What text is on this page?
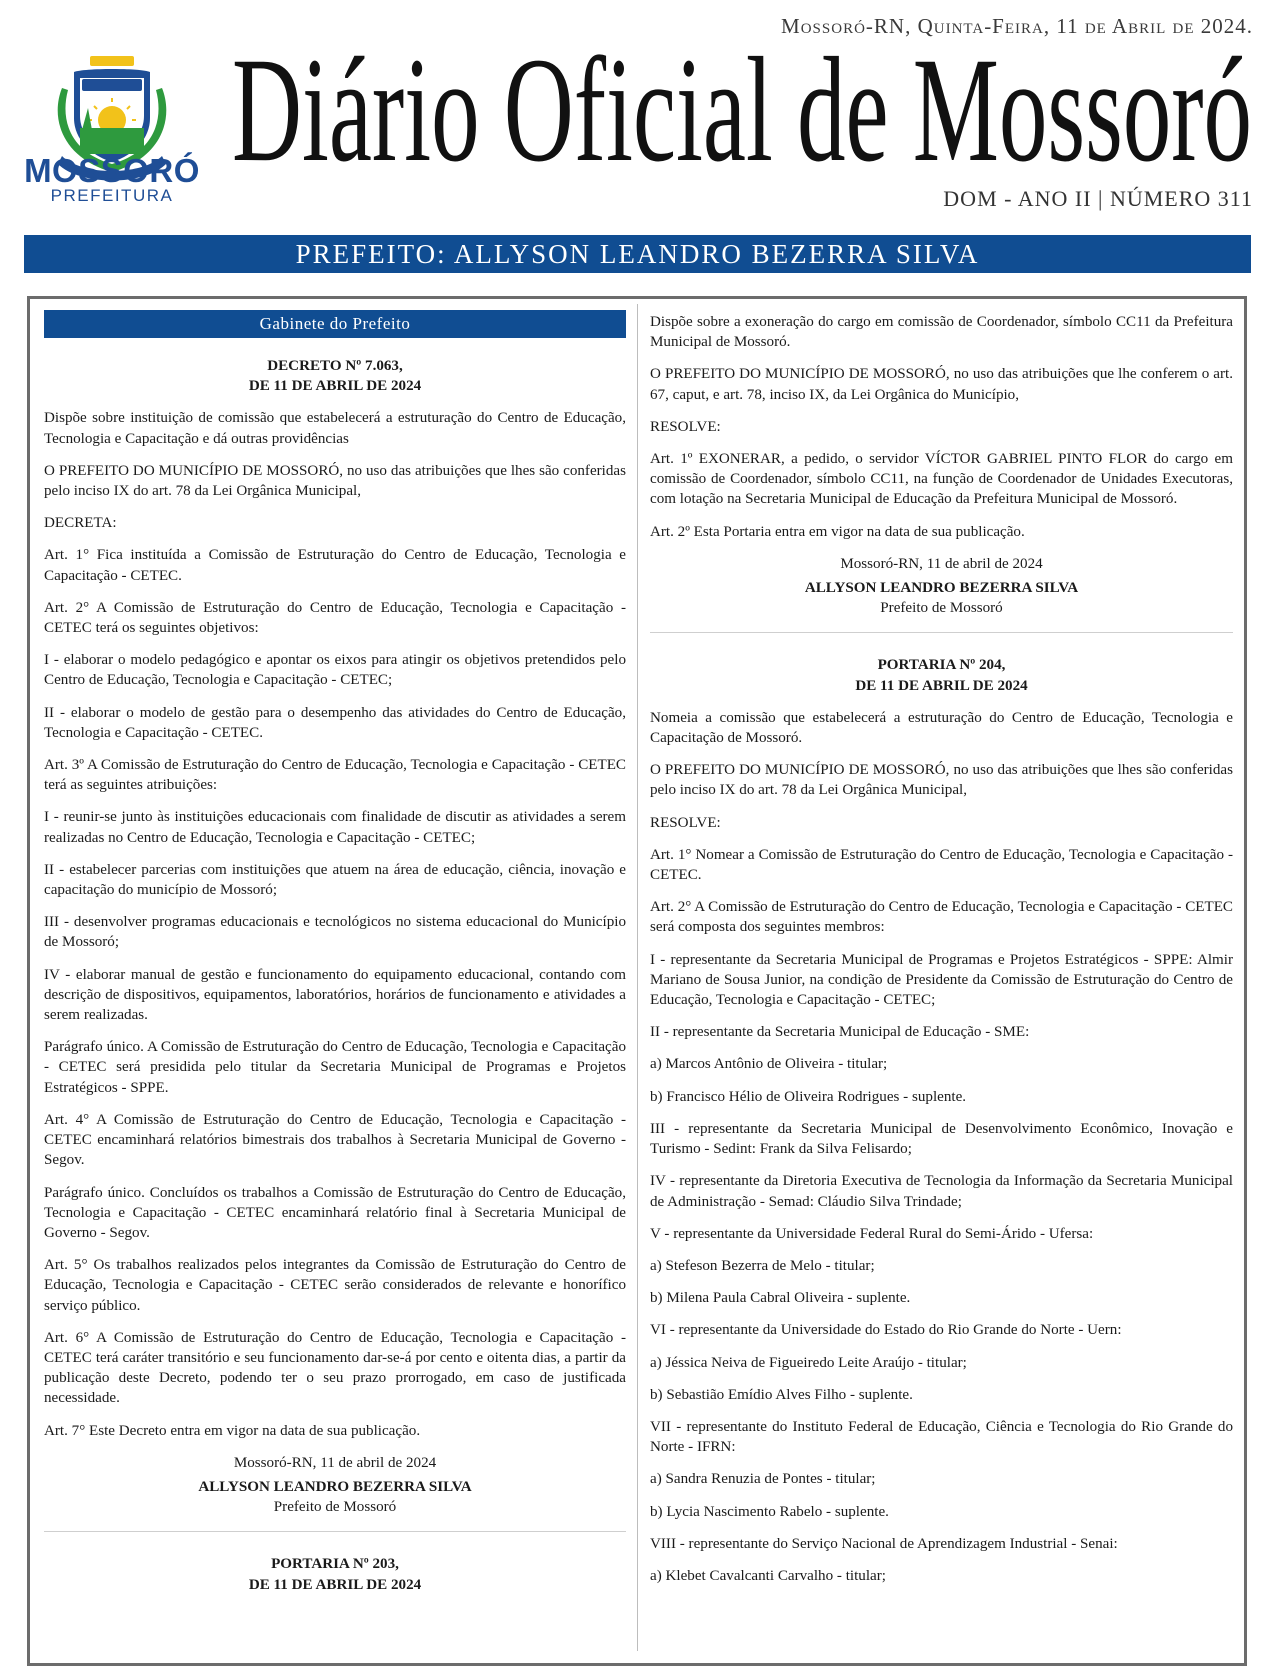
Mossoró-RN, Quinta-Feira, 11 de Abril de 2024.
MOSSORÓ
PREFEITURA
Diário Oficial de Mossoró
DOM - ANO II | NÚMERO 311
PREFEITO: ALLYSON LEANDRO BEZERRA SILVA
Gabinete do Prefeito

DECRETO Nº 7.063,
DE 11 DE ABRIL DE 2024

Dispõe sobre instituição de comissão que estabelecerá a estruturação do Centro de Educação, Tecnologia e Capacitação e dá outras providências

O PREFEITO DO MUNICÍPIO DE MOSSORÓ, no uso das atribuições que lhes são conferidas pelo inciso IX do art. 78 da Lei Orgânica Municipal,

DECRETA:

Art. 1° Fica instituída a Comissão de Estruturação do Centro de Educação, Tecnologia e Capacitação - CETEC.

Art. 2° A Comissão de Estruturação do Centro de Educação, Tecnologia e Capacitação - CETEC terá os seguintes objetivos:

I - elaborar o modelo pedagógico e apontar os eixos para atingir os objetivos pretendidos pelo Centro de Educação, Tecnologia e Capacitação - CETEC;

II - elaborar o modelo de gestão para o desempenho das atividades do Centro de Educação, Tecnologia e Capacitação - CETEC.

Art. 3º A Comissão de Estruturação do Centro de Educação, Tecnologia e Capacitação - CETEC terá as seguintes atribuições:

I - reunir-se junto às instituições educacionais com finalidade de discutir as atividades a serem realizadas no Centro de Educação, Tecnologia e Capacitação - CETEC;

II - estabelecer parcerias com instituições que atuem na área de educação, ciência, inovação e capacitação do município de Mossoró;

III - desenvolver programas educacionais e tecnológicos no sistema educacional do Município de Mossoró;

IV - elaborar manual de gestão e funcionamento do equipamento educacional, contando com descrição de dispositivos, equipamentos, laboratórios, horários de funcionamento e atividades a serem realizadas.

Parágrafo único. A Comissão de Estruturação do Centro de Educação, Tecnologia e Capacitação - CETEC será presidida pelo titular da Secretaria Municipal de Programas e Projetos Estratégicos - SPPE.

Art. 4° A Comissão de Estruturação do Centro de Educação, Tecnologia e Capacitação - CETEC encaminhará relatórios bimestrais dos trabalhos à Secretaria Municipal de Governo - Segov.

Parágrafo único. Concluídos os trabalhos a Comissão de Estruturação do Centro de Educação, Tecnologia e Capacitação - CETEC encaminhará relatório final à Secretaria Municipal de Governo - Segov.

Art. 5° Os trabalhos realizados pelos integrantes da Comissão de Estruturação do Centro de Educação, Tecnologia e Capacitação - CETEC serão considerados de relevante e honorífico serviço público.

Art. 6° A Comissão de Estruturação do Centro de Educação, Tecnologia e Capacitação - CETEC terá caráter transitório e seu funcionamento dar-se-á por cento e oitenta dias, a partir da publicação deste Decreto, podendo ter o seu prazo prorrogado, em caso de justificada necessidade.

Art. 7° Este Decreto entra em vigor na data de sua publicação.

Mossoró-RN, 11 de abril de 2024

ALLYSON LEANDRO BEZERRA SILVA

Prefeito de Mossoró

PORTARIA Nº 203,
DE 11 DE ABRIL DE 2024

Dispõe sobre a exoneração do cargo em comissão de Coordenador, símbolo CC11 da Prefeitura Municipal de Mossoró.

O PREFEITO DO MUNICÍPIO DE MOSSORÓ, no uso das atribuições que lhe conferem o art. 67, caput, e art. 78, inciso IX, da Lei Orgânica do Município,

RESOLVE:

Art. 1º EXONERAR, a pedido, o servidor VÍCTOR GABRIEL PINTO FLOR do cargo em comissão de Coordenador, símbolo CC11, na função de Coordenador de Unidades Executoras, com lotação na Secretaria Municipal de Educação da Prefeitura Municipal de Mossoró.

Art. 2º Esta Portaria entra em vigor na data de sua publicação.

Mossoró-RN, 11 de abril de 2024

ALLYSON LEANDRO BEZERRA SILVA

Prefeito de Mossoró

PORTARIA Nº 204,
DE 11 DE ABRIL DE 2024

Nomeia a comissão que estabelecerá a estruturação do Centro de Educação, Tecnologia e Capacitação de Mossoró.

O PREFEITO DO MUNICÍPIO DE MOSSORÓ, no uso das atribuições que lhes são conferidas pelo inciso IX do art. 78 da Lei Orgânica Municipal,

RESOLVE:

Art. 1° Nomear a Comissão de Estruturação do Centro de Educação, Tecnologia e Capacitação - CETEC.

Art. 2° A Comissão de Estruturação do Centro de Educação, Tecnologia e Capacitação - CETEC será composta dos seguintes membros:

I - representante da Secretaria Municipal de Programas e Projetos Estratégicos - SPPE: Almir Mariano de Sousa Junior, na condição de Presidente da Comissão de Estruturação do Centro de Educação, Tecnologia e Capacitação - CETEC;

II - representante da Secretaria Municipal de Educação - SME:

a) Marcos Antônio de Oliveira - titular;

b) Francisco Hélio de Oliveira Rodrigues - suplente.

III - representante da Secretaria Municipal de Desenvolvimento Econômico, Inovação e Turismo - Sedint: Frank da Silva Felisardo;

IV - representante da Diretoria Executiva de Tecnologia da Informação da Secretaria Municipal de Administração - Semad: Cláudio Silva Trindade;

V - representante da Universidade Federal Rural do Semi-Árido - Ufersa:

a) Stefeson Bezerra de Melo - titular;

b) Milena Paula Cabral Oliveira - suplente.

VI - representante da Universidade do Estado do Rio Grande do Norte - Uern:

a) Jéssica Neiva de Figueiredo Leite Araújo - titular;

b) Sebastião Emídio Alves Filho - suplente.

VII - representante do Instituto Federal de Educação, Ciência e Tecnologia do Rio Grande do Norte - IFRN:

a) Sandra Renuzia de Pontes - titular;

b) Lycia Nascimento Rabelo - suplente.

VIII - representante do Serviço Nacional de Aprendizagem Industrial - Senai:

a) Klebet Cavalcanti Carvalho - titular;
